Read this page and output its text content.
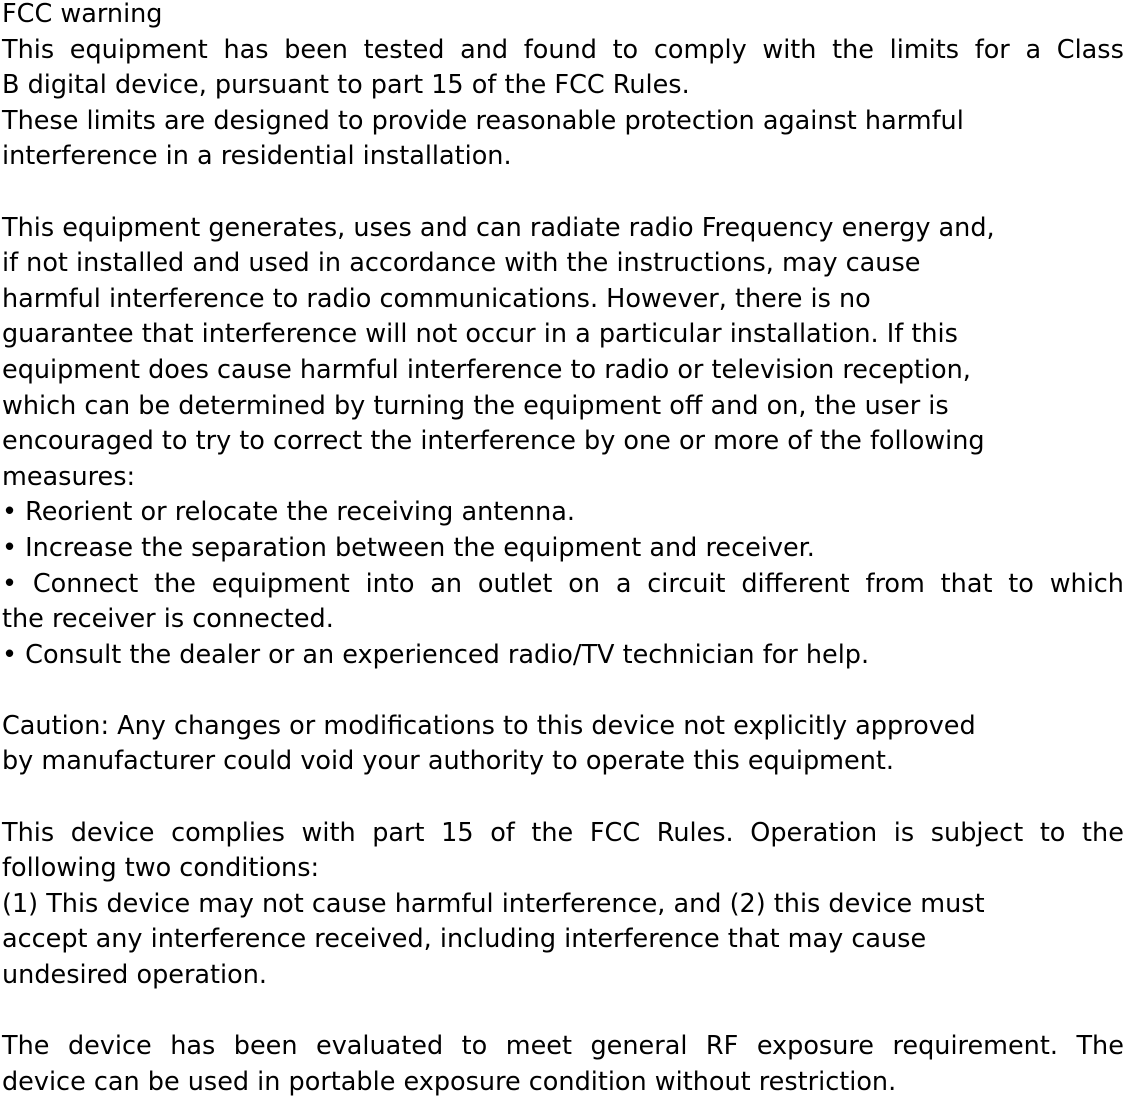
FCC warning
This equipment has been tested and found to comply with the limits for a Class
B digital device, pursuant to part 15 of the FCC Rules.
These limits are designed to provide reasonable protection against harmful
interference in a residential installation.
This equipment generates, uses and can radiate radio Frequency energy and,
if not installed and used in accordance with the instructions, may cause
harmful interference to radio communications. However, there is no
guarantee that interference will not occur in a particular installation. If this
equipment does cause harmful interference to radio or television reception,
which can be determined by turning the equipment off and on, the user is
encouraged to try to correct the interference by one or more of the following
measures:
• Reorient or relocate the receiving antenna.
• Increase the separation between the equipment and receiver.
• Connect the equipment into an outlet on a circuit different from that to which
the receiver is connected.
• Consult the dealer or an experienced radio/TV technician for help.
Caution: Any changes or modifications to this device not explicitly approved
by manufacturer could void your authority to operate this equipment.
This device complies with part 15 of the FCC Rules. Operation is subject to the
following two conditions:
(1) This device may not cause harmful interference, and (2) this device must
accept any interference received, including interference that may cause
undesired operation.
The device has been evaluated to meet general RF exposure requirement. The
device can be used in portable exposure condition without restriction.
